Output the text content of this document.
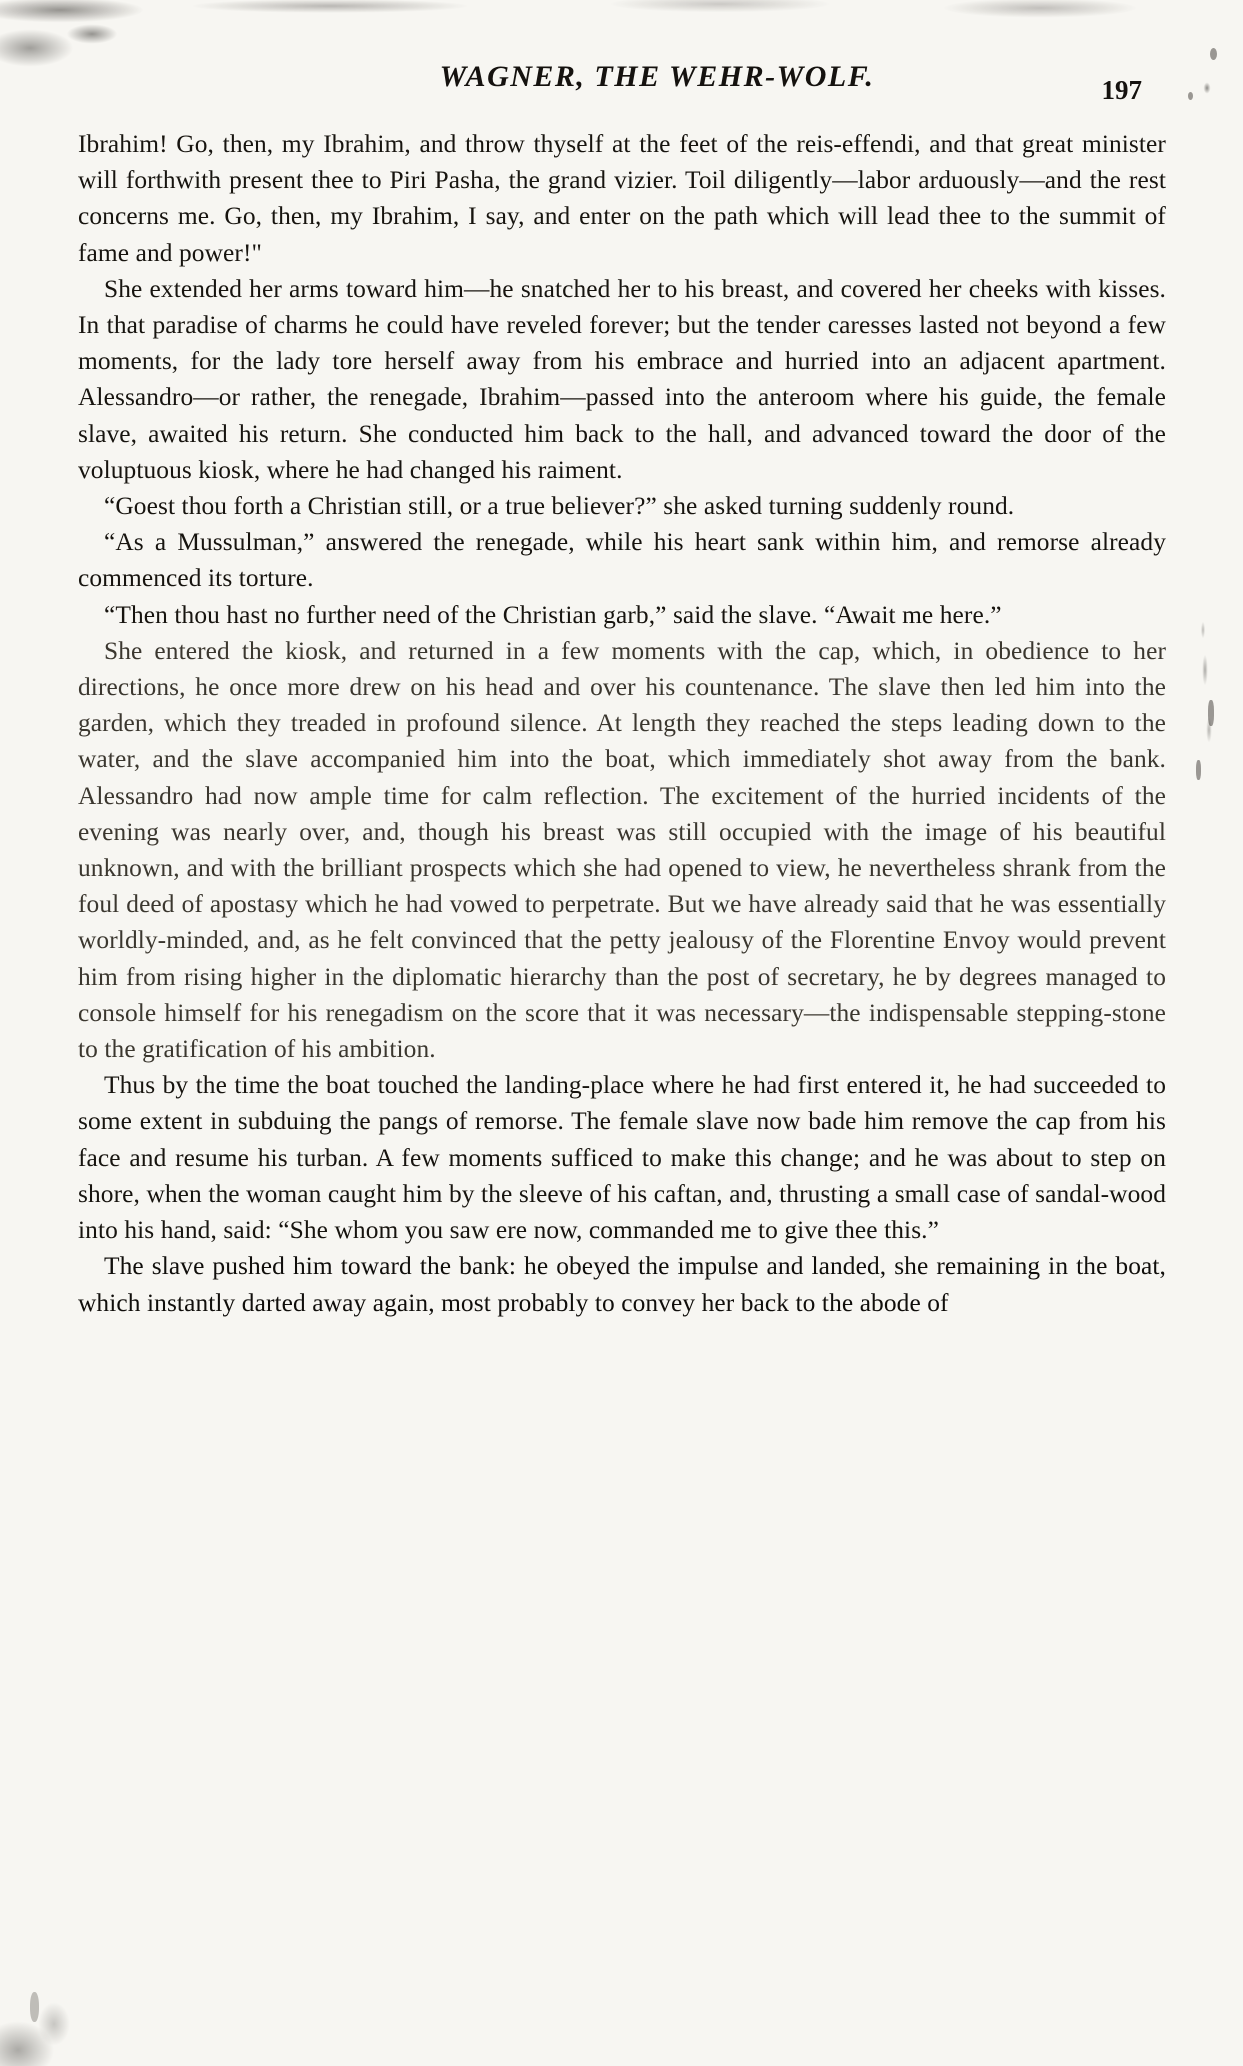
WAGNER, THE WEHR-WOLF.	197

Ibrahim! Go, then, my Ibrahim, and throw thyself at the feet of the reis-effendi, and that great minister will forthwith present thee to Piri Pasha, the grand vizier. Toil diligently—labor arduously—and the rest concerns me. Go, then, my Ibrahim, I say, and enter on the path which will lead thee to the summit of fame and power!"

She extended her arms toward him—he snatched her to his breast, and covered her cheeks with kisses. In that paradise of charms he could have reveled forever; but the tender caresses lasted not beyond a few moments, for the lady tore herself away from his embrace and hurried into an adjacent apartment. Alessandro—or rather, the renegade, Ibrahim—passed into the anteroom where his guide, the female slave, awaited his return. She conducted him back to the hall, and advanced toward the door of the voluptuous kiosk, where he had changed his raiment.

“Goest thou forth a Christian still, or a true believer?” she asked turning suddenly round.

“As a Mussulman,” answered the renegade, while his heart sank within him, and remorse already commenced its torture.

“Then thou hast no further need of the Christian garb,” said the slave. “Await me here.”

She entered the kiosk, and returned in a few moments with the cap, which, in obedience to her directions, he once more drew on his head and over his countenance. The slave then led him into the garden, which they treaded in profound silence. At length they reached the steps leading down to the water, and the slave accompanied him into the boat, which immediately shot away from the bank. Alessandro had now ample time for calm reflection. The excitement of the hurried incidents of the evening was nearly over, and, though his breast was still occupied with the image of his beautiful unknown, and with the brilliant prospects which she had opened to view, he nevertheless shrank from the foul deed of apostasy which he had vowed to perpetrate. But we have already said that he was essentially worldly-minded, and, as he felt convinced that the petty jealousy of the Florentine Envoy would prevent him from rising higher in the diplomatic hierarchy than the post of secretary, he by degrees managed to console himself for his renegadism on the score that it was necessary—the indispensable stepping-stone to the gratification of his ambition.

Thus by the time the boat touched the landing-place where he had first entered it, he had succeeded to some extent in subduing the pangs of remorse. The female slave now bade him remove the cap from his face and resume his turban. A few moments sufficed to make this change; and he was about to step on shore, when the woman caught him by the sleeve of his caftan, and, thrusting a small case of sandal-wood into his hand, said: “She whom you saw ere now, commanded me to give thee this.”

The slave pushed him toward the bank: he obeyed the impulse and landed, she remaining in the boat, which instantly darted away again, most probably to convey her back to the abode of
